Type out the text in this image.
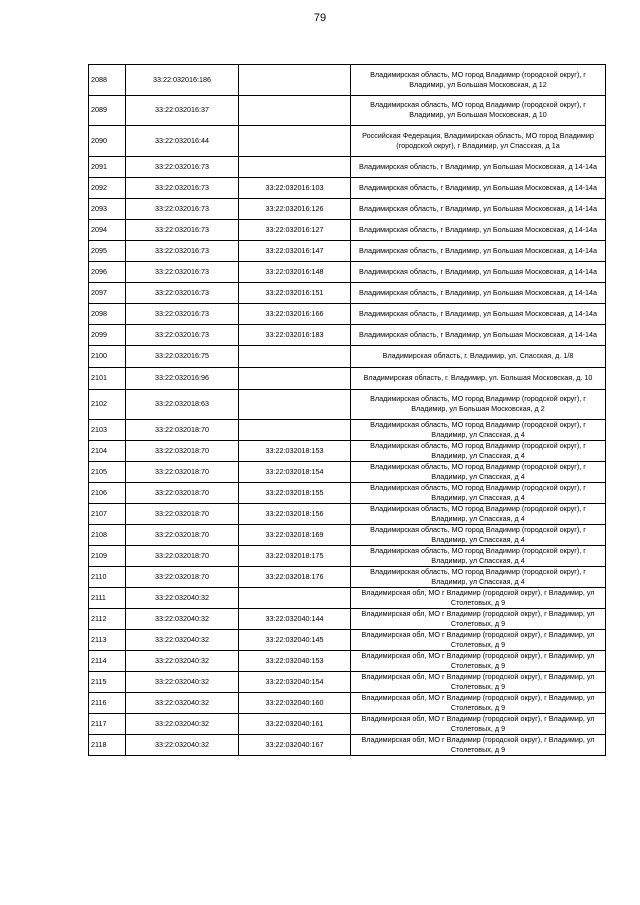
79
2088	33:22:032016:186		Владимирская область, МО город Владимир (городской округ), г Владимир, ул Большая Московская, д 12
2089	33:22:032016:37		Владимирская область, МО город Владимир (городской округ), г Владимир, ул Большая Московская, д 10
2090	33:22:032016:44		Российская Федерация, Владимирская область, МО город Владимир (городской округ), г Владимир, ул Спасская, д 1а
2091	33:22:032016:73		Владимирская область, г Владимир, ул Большая Московская, д 14-14а
2092	33:22:032016:73	33:22:032016:103	Владимирская область, г Владимир, ул Большая Московская, д 14-14а
2093	33:22:032016:73	33:22:032016:126	Владимирская область, г Владимир, ул Большая Московская, д 14-14а
2094	33:22:032016:73	33:22:032016:127	Владимирская область, г Владимир, ул Большая Московская, д 14-14а
2095	33:22:032016:73	33:22:032016:147	Владимирская область, г Владимир, ул Большая Московская, д 14-14а
2096	33:22:032016:73	33:22:032016:148	Владимирская область, г Владимир, ул Большая Московская, д 14-14а
2097	33:22:032016:73	33:22:032016:151	Владимирская область, г Владимир, ул Большая Московская, д 14-14а
2098	33:22:032016:73	33:22:032016:166	Владимирская область, г Владимир, ул Большая Московская, д 14-14а
2099	33:22:032016:73	33:22:032016:183	Владимирская область, г Владимир, ул Большая Московская, д 14-14а
2100	33:22:032016:75		Владимирская область, г. Владимир, ул. Спасская, д. 1/8
2101	33:22:032016:96		Владимирская область, г. Владимир, ул. Большая Московская, д. 10
2102	33:22:032018:63		Владимирская область, МО город Владимир (городской округ), г Владимир, ул Большая Московская, д 2
2103	33:22:032018:70		Владимирская область, МО город Владимир (городской округ), г Владимир, ул Спасская, д 4
2104	33:22:032018:70	33:22:032018:153	Владимирская область, МО город Владимир (городской округ), г Владимир, ул Спасская, д 4
2105	33:22:032018:70	33:22:032018:154	Владимирская область, МО город Владимир (городской округ), г Владимир, ул Спасская, д 4
2106	33:22:032018:70	33:22:032018:155	Владимирская область, МО город Владимир (городской округ), г Владимир, ул Спасская, д 4
2107	33:22:032018:70	33:22:032018:156	Владимирская область, МО город Владимир (городской округ), г Владимир, ул Спасская, д 4
2108	33:22:032018:70	33:22:032018:169	Владимирская область, МО город Владимир (городской округ), г Владимир, ул Спасская, д 4
2109	33:22:032018:70	33:22:032018:175	Владимирская область, МО город Владимир (городской округ), г Владимир, ул Спасская, д 4
2110	33:22:032018:70	33:22:032018:176	Владимирская область, МО город Владимир (городской округ), г Владимир, ул Спасская, д 4
2111	33:22:032040:32		Владимирская обл, МО г Владимир (городской округ), г Владимир, ул Столетовых, д 9
2112	33:22:032040:32	33:22:032040:144	Владимирская обл, МО г Владимир (городской округ), г Владимир, ул Столетовых, д 9
2113	33:22:032040:32	33:22:032040:145	Владимирская обл, МО г Владимир (городской округ), г Владимир, ул Столетовых, д 9
2114	33:22:032040:32	33:22:032040:153	Владимирская обл, МО г Владимир (городской округ), г Владимир, ул Столетовых, д 9
2115	33:22:032040:32	33:22:032040:154	Владимирская обл, МО г Владимир (городской округ), г Владимир, ул Столетовых, д 9
2116	33:22:032040:32	33:22:032040:160	Владимирская обл, МО г Владимир (городской округ), г Владимир, ул Столетовых, д 9
2117	33:22:032040:32	33:22:032040:161	Владимирская обл, МО г Владимир (городской округ), г Владимир, ул Столетовых, д 9
2118	33:22:032040:32	33:22:032040:167	Владимирская обл, МО г Владимир (городской округ), г Владимир, ул Столетовых, д 9
